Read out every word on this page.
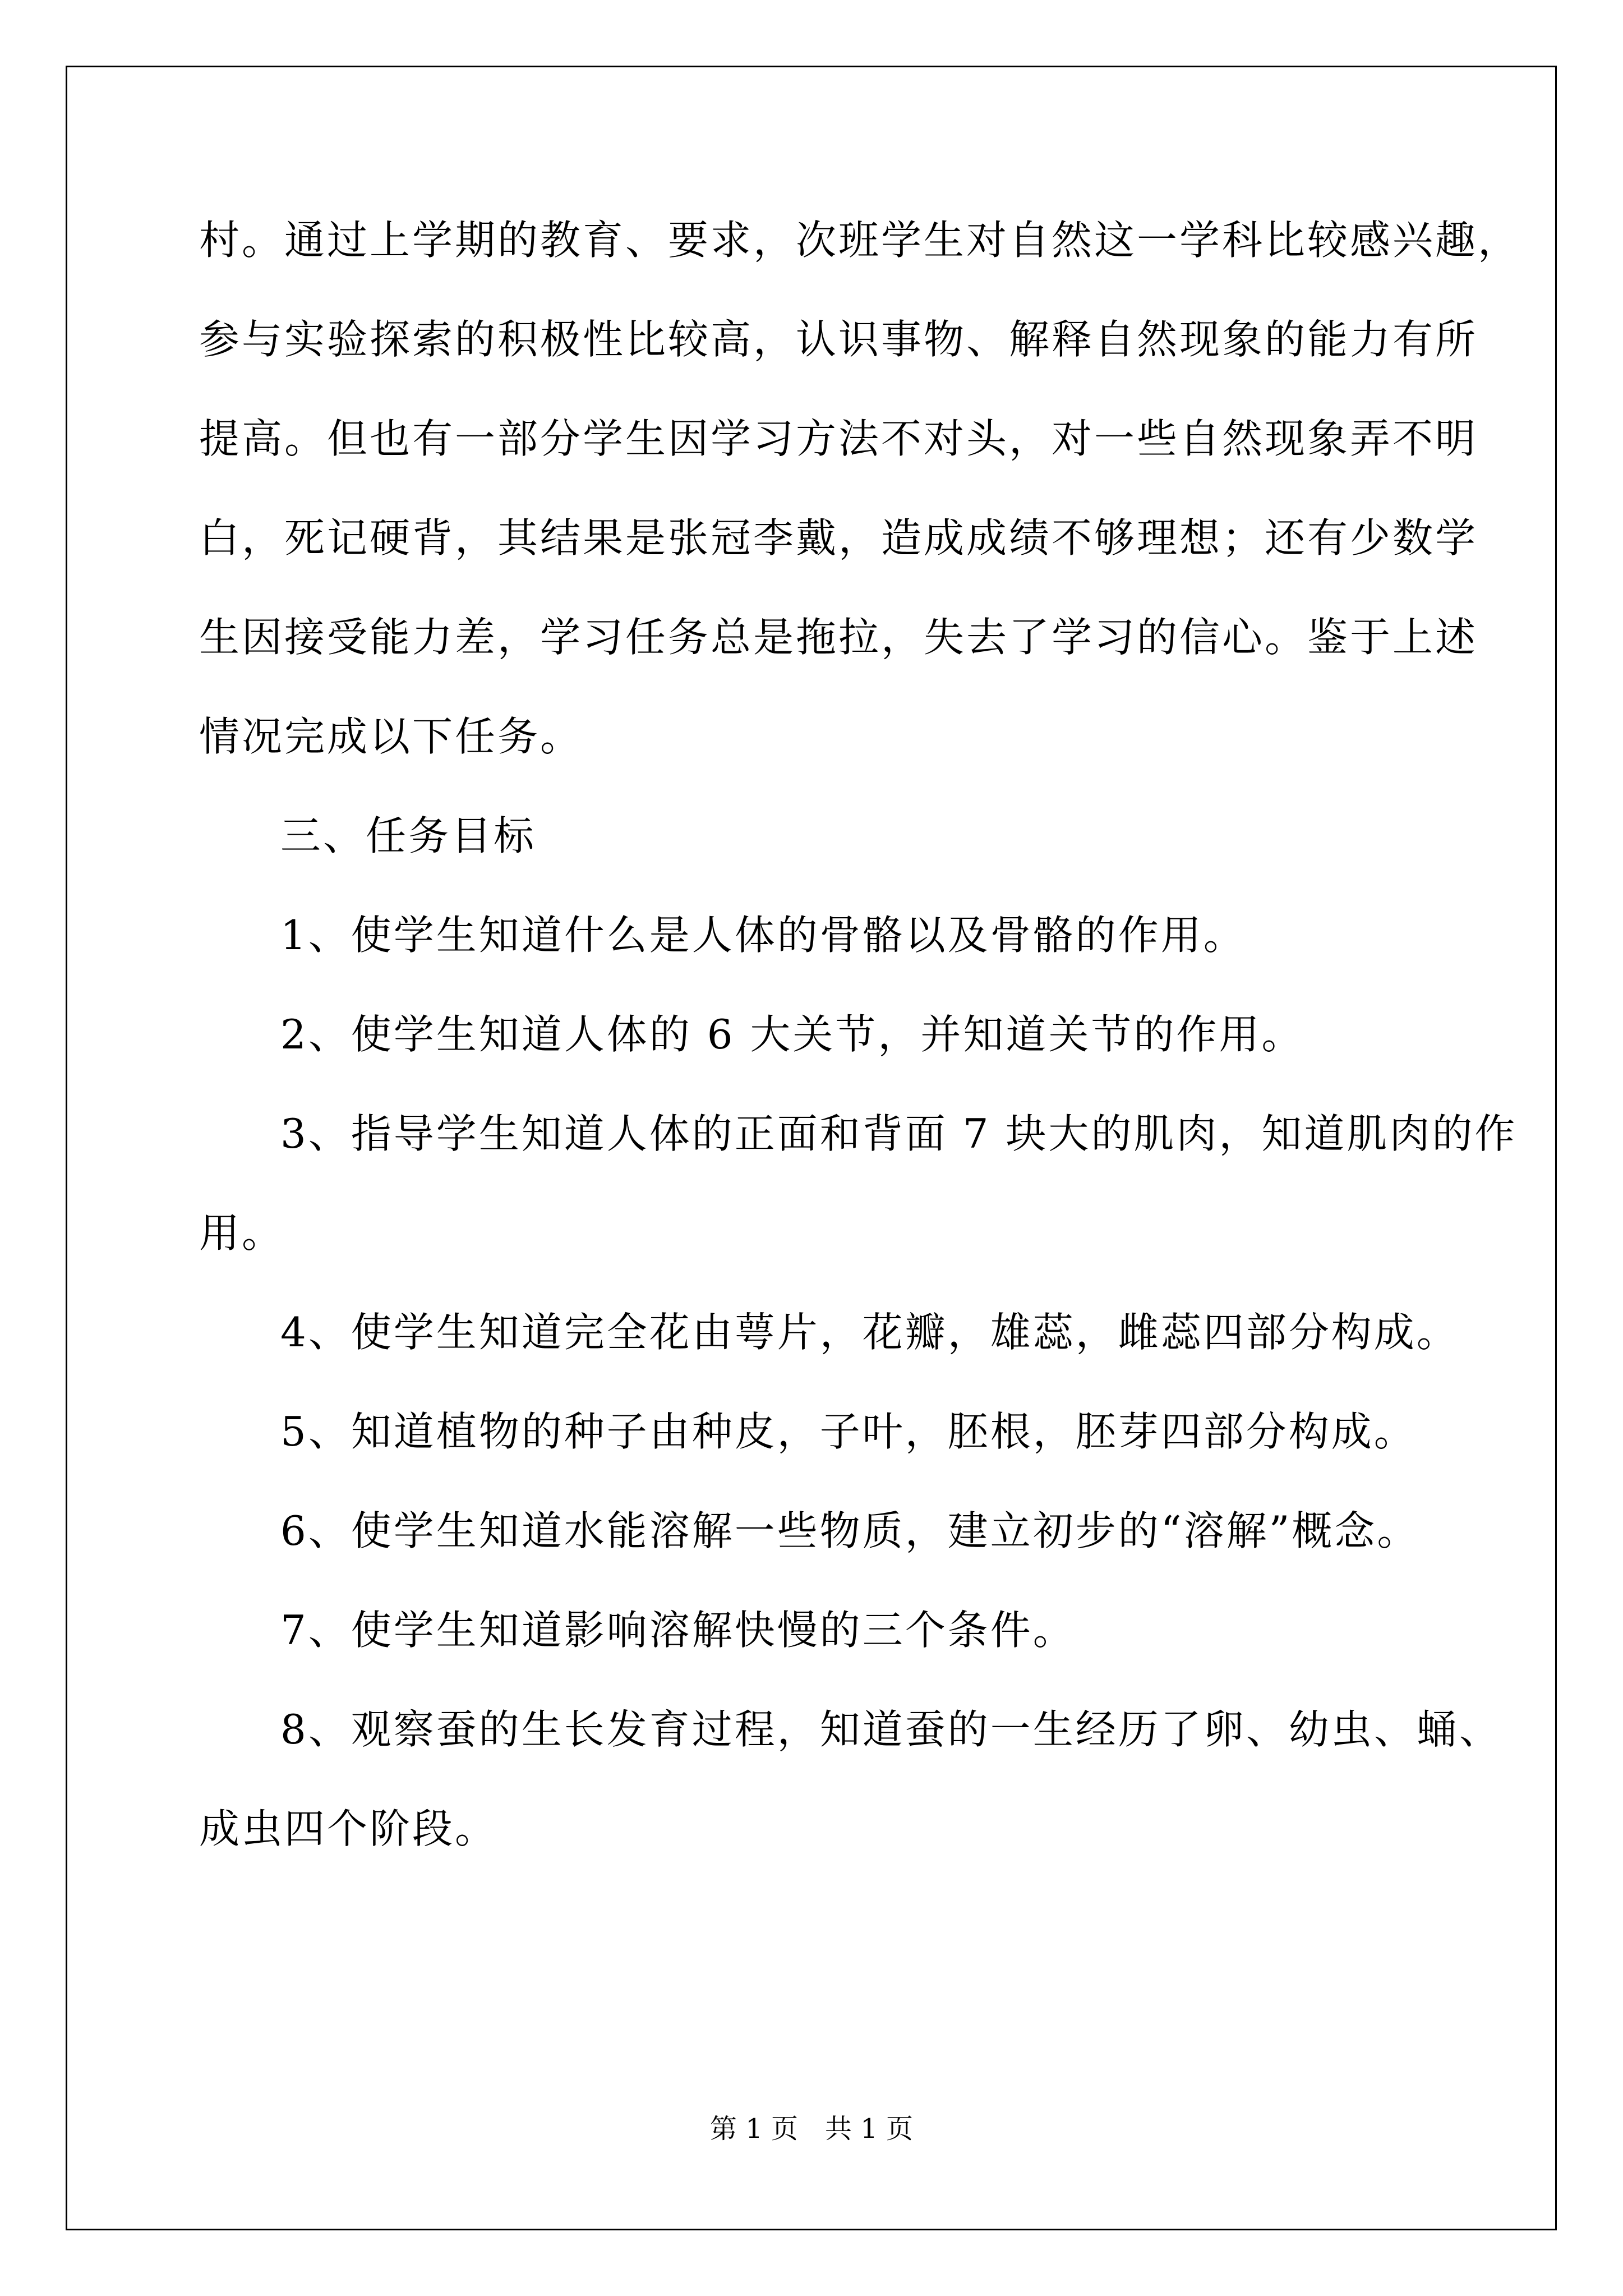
村。通过上学期的教育、要求，次班学生对自然这一学科比较感兴趣，

参与实验探索的积极性比较高，认识事物、解释自然现象的能力有所

提高。但也有一部分学生因学习方法不对头，对一些自然现象弄不明

白，死记硬背，其结果是张冠李戴，造成成绩不够理想；还有少数学

生因接受能力差，学习任务总是拖拉，失去了学习的信心。鉴于上述

情况完成以下任务。

三、任务目标

1、使学生知道什么是人体的骨骼以及骨骼的作用。

2、使学生知道人体的 6 大关节，并知道关节的作用。

3、指导学生知道人体的正面和背面 7 块大的肌肉，知道肌肉的作

用。

4、使学生知道完全花由萼片，花瓣，雄蕊，雌蕊四部分构成。

5、知道植物的种子由种皮，子叶，胚根，胚芽四部分构成。

6、使学生知道水能溶解一些物质，建立初步的“溶解”概念。

7、使学生知道影响溶解快慢的三个条件。

8、观察蚕的生长发育过程，知道蚕的一生经历了卵、幼虫、蛹、

成虫四个阶段。

第 1 页　共 1 页
